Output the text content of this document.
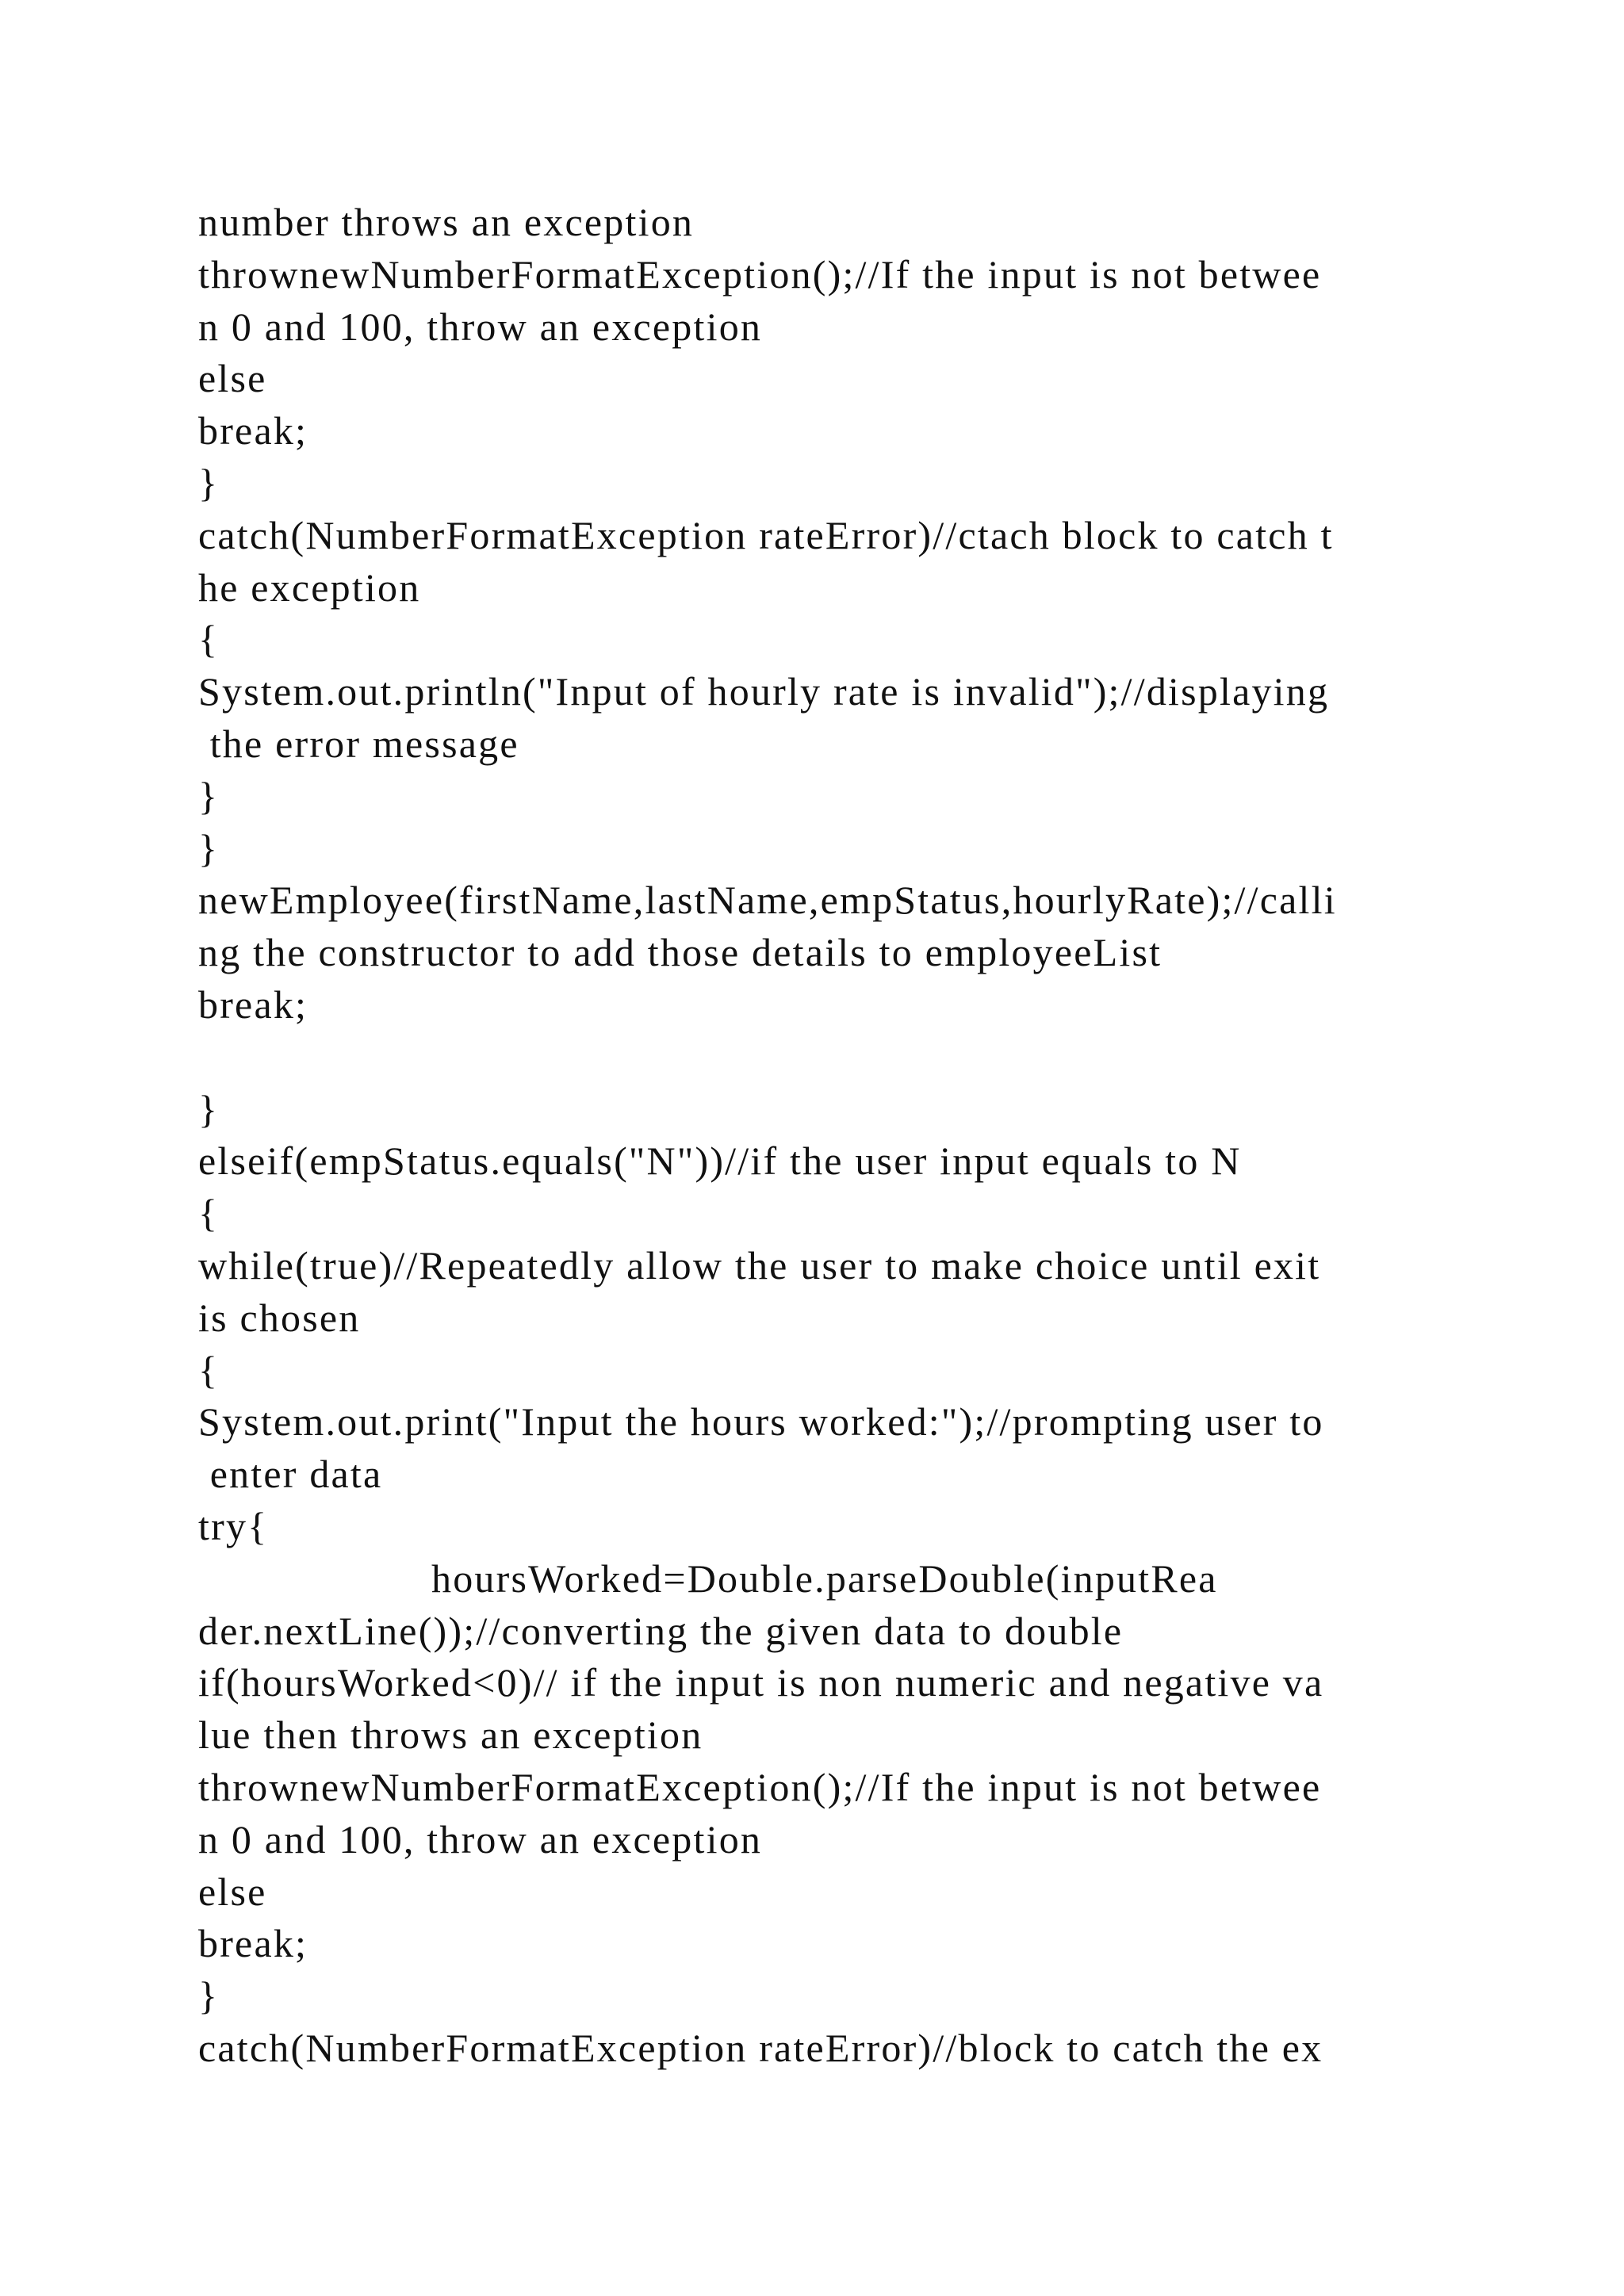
number throws an exception
thrownewNumberFormatException();//If the input is not betwee
n 0 and 100, throw an exception
else
break;
}
catch(NumberFormatException rateError)//ctach block to catch t
he exception
{
System.out.println("Input of hourly rate is invalid");//displaying
the error message
}
}
newEmployee(firstName,lastName,empStatus,hourlyRate);//calli
ng the constructor to add those details to employeeList
break;
}
elseif(empStatus.equals("N"))//if the user input equals to N
{
while(true)//Repeatedly allow the user to make choice until exit
is chosen
{
System.out.print("Input the hours worked:");//prompting user to
enter data
try{
hoursWorked=Double.parseDouble(inputRea
der.nextLine());//converting the given data to double
if(hoursWorked<0)// if the input is non numeric and negative va
lue then throws an exception
thrownewNumberFormatException();//If the input is not betwee
n 0 and 100, throw an exception
else
break;
}
catch(NumberFormatException rateError)//block to catch the ex
